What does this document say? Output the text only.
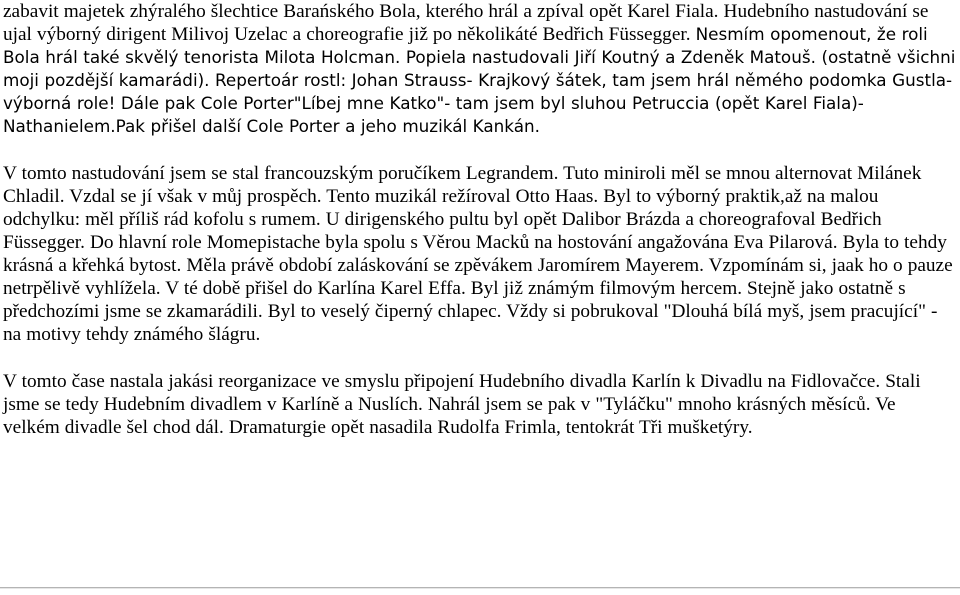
zabavit majetek zhýralého šlechtice Barańského Bola, kterého hrál a zpíval opět Karel Fiala. Hudebního nastudování se ujal výborný dirigent Milivoj Uzelac a choreografie již po několikáté Bedřich Füssegger. Nesmím opomenout, že roli Bola hrál také skvělý tenorista Milota Holcman. Popiela nastudovali Jiří Koutný a Zdeněk Matouš. (ostatně všichni moji pozdější kamarádi). Repertoár rostl: Johan Strauss- Krajkový šátek, tam jsem hrál němého podomka Gustla- výborná role! Dále pak Cole Porter"Líbej mne Katko"- tam jsem byl sluhou Petruccia (opět Karel Fiala)-Nathanielem.Pak přišel další Cole Porter a jeho muzikál Kankán.

V tomto nastudování jsem se stal francouzským poručíkem Legrandem. Tuto miniroli měl se mnou alternovat Milánek Chladil. Vzdal se jí však v můj prospěch. Tento muzikál režíroval Otto Haas. Byl to výborný praktik,až na malou odchylku: měl příliš rád kofolu s rumem. U dirigenského pultu byl opět Dalibor Brázda a choreografoval Bedřich Füssegger. Do hlavní role Momepistache byla spolu s Věrou Macků na hostování angažována Eva Pilarová. Byla to tehdy krásná a křehká bytost. Měla právě období zaláskování se zpěvákem Jaromírem Mayerem. Vzpomínám si, jaak ho o pauze netrpělivě vyhlížela. V té době přišel do Karlína Karel Effa. Byl již známým filmovým hercem. Stejně jako ostatně s předchozími jsme se zkamarádili. Byl to veselý čiperný chlapec. Vždy si pobrukoval "Dlouhá bílá myš, jsem pracující" - na motivy tehdy známého šlágru.

V tomto čase nastala jakási reorganizace ve smyslu připojení Hudebního divadla Karlín k Divadlu na Fidlovačce. Stali jsme se tedy Hudebním divadlem v Karlíně a Nuslích. Nahrál jsem se pak v "Tyláčku" mnoho krásných měsíců. Ve velkém divadle šel chod dál. Dramaturgie opět nasadila Rudolfa Frimla, tentokrát Tři mušketýry.
